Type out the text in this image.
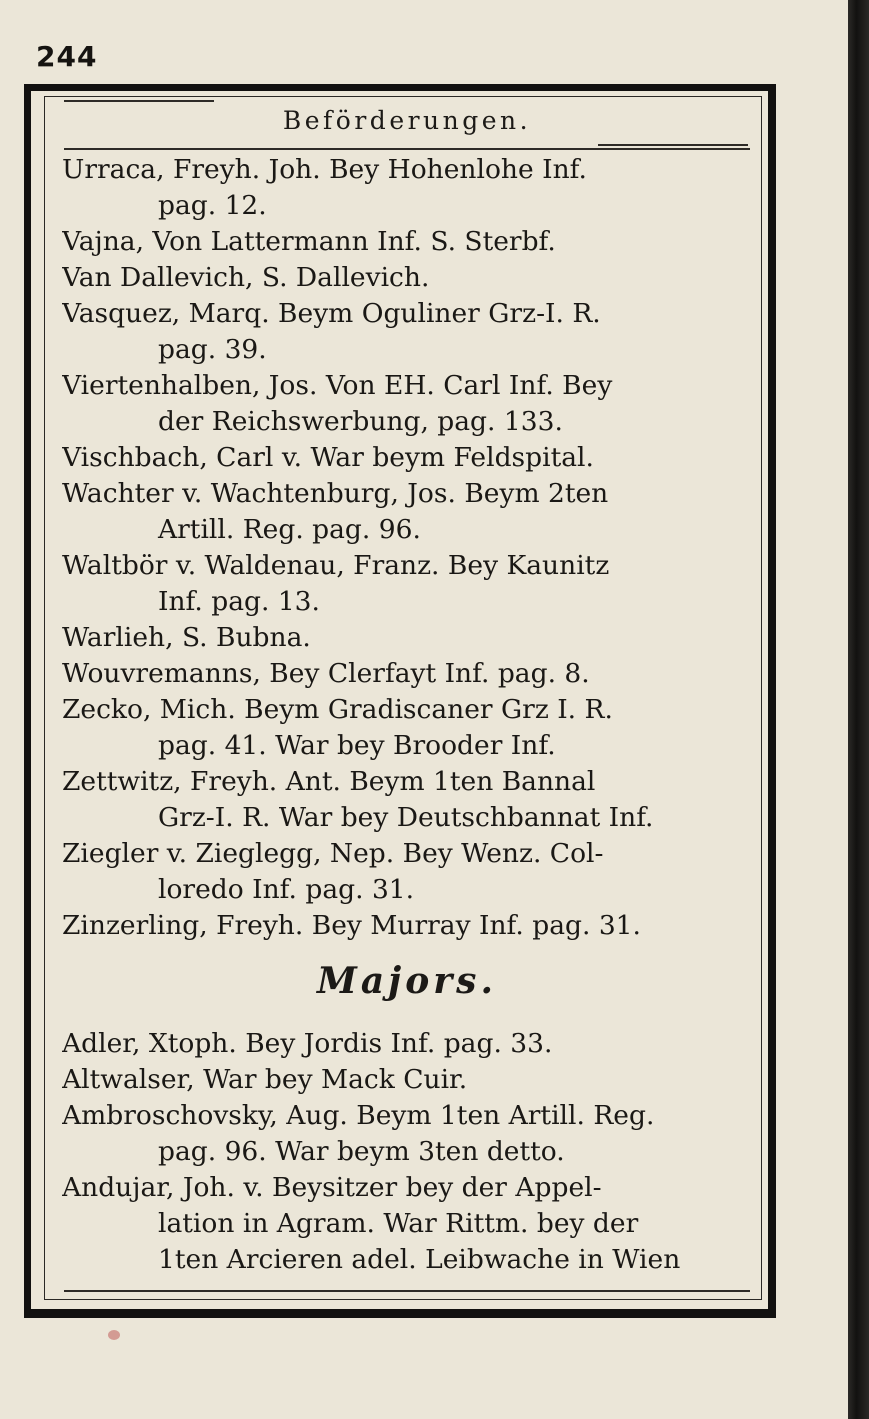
244
Beförderungen.
Urraca, Freyh. Joh. Bey Hohenlohe Inf.
pag. 12.
Vajna, Von Lattermann Inf. S. Sterbf.
Van Dallevich, S. Dallevich.
Vasquez, Marq. Beym Oguliner Grz-I. R.
pag. 39.
Viertenhalben, Jos. Von EH. Carl Inf. Bey
der Reichswerbung, pag. 133.
Vischbach, Carl v. War beym Feldspital.
Wachter v. Wachtenburg, Jos. Beym 2ten
Artill. Reg. pag. 96.
Waltbör v. Waldenau, Franz. Bey Kaunitz
Inf. pag. 13.
Warlieh, S. Bubna.
Wouvremanns, Bey Clerfayt Inf. pag. 8.
Zecko, Mich. Beym Gradiscaner Grz I. R.
pag. 41. War bey Brooder Inf.
Zettwitz, Freyh. Ant. Beym 1ten Bannal
Grz-I. R. War bey Deutschbannat Inf.
Ziegler v. Zieglegg, Nep. Bey Wenz. Col-
loredo Inf. pag. 31.
Zinzerling, Freyh. Bey Murray Inf. pag. 31.
Majors.
Adler, Xtoph. Bey Jordis Inf. pag. 33.
Altwalser, War bey Mack Cuir.
Ambroschovsky, Aug. Beym 1ten Artill. Reg.
pag. 96. War beym 3ten detto.
Andujar, Joh. v. Beysitzer bey der Appel-
lation in Agram. War Rittm. bey der
1ten Arcieren adel. Leibwache in Wien
